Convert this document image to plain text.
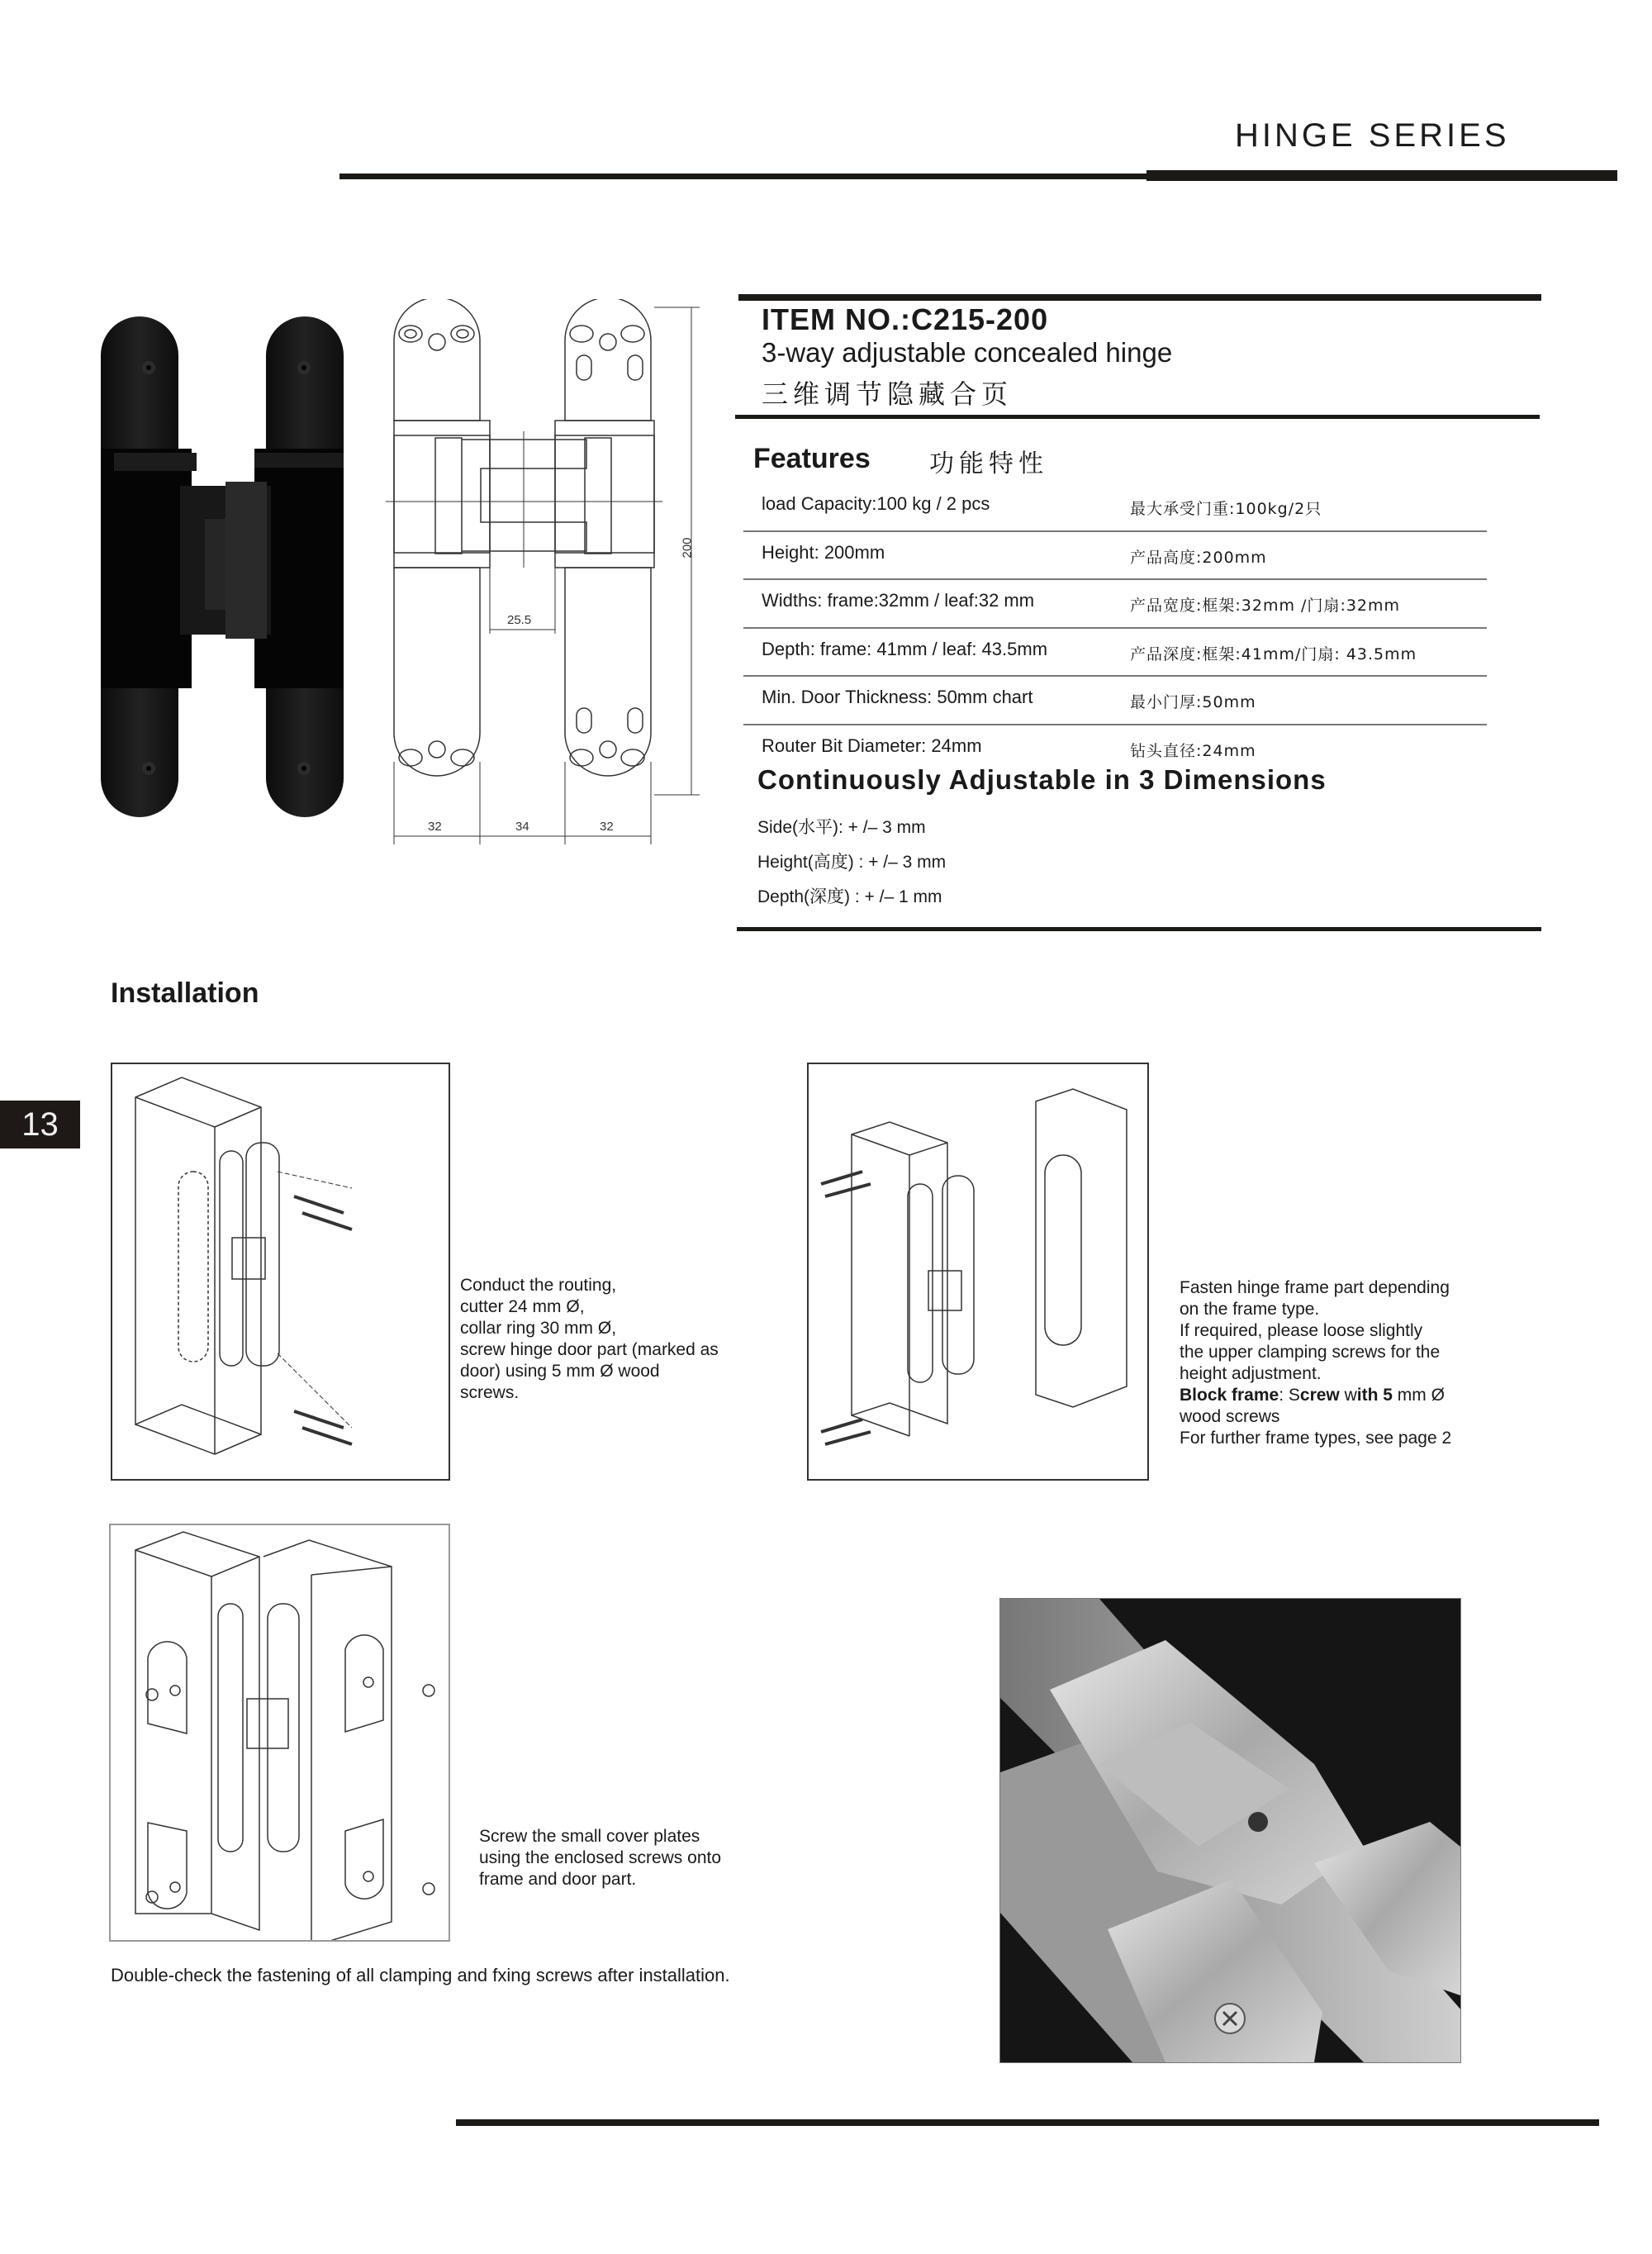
HINGE SERIES
200
25.5
32	34	32
ITEM NO.:C215-200
3-way adjustable concealed hinge
三维调节隐藏合页
Features 功能特性
load Capacity:100 kg / 2 pcs	最大承受门重:100kg/2只
Height: 200mm	产品高度:200mm
Widths: frame:32mm / leaf:32 mm	产品宽度:框架:32mm /门扇:32mm
Depth: frame: 41mm / leaf: 43.5mm	产品深度:框架:41mm/门扇: 43.5mm
Min. Door Thickness: 50mm chart	最小门厚:50mm
Router Bit Diameter: 24mm	钻头直径:24mm
Continuously Adjustable in 3 Dimensions
Side(水平): + /– 3 mm
Height(高度) : + /– 3 mm
Depth(深度) : + /– 1 mm
Installation
13
Conduct the routing,
cutter 24 mm Ø,
collar ring 30 mm Ø,
screw hinge door part (marked as
door) using 5 mm Ø wood
screws.
Fasten hinge frame part depending
on the frame type.
If required, please loose slightly
the upper clamping screws for the
height adjustment.
Block frame: Screw with 5 mm Ø
wood screws
For further frame types, see page 2
Screw the small cover plates
using the enclosed screws onto
frame and door part.
Double-check the fastening of all clamping and fxing screws after installation.
